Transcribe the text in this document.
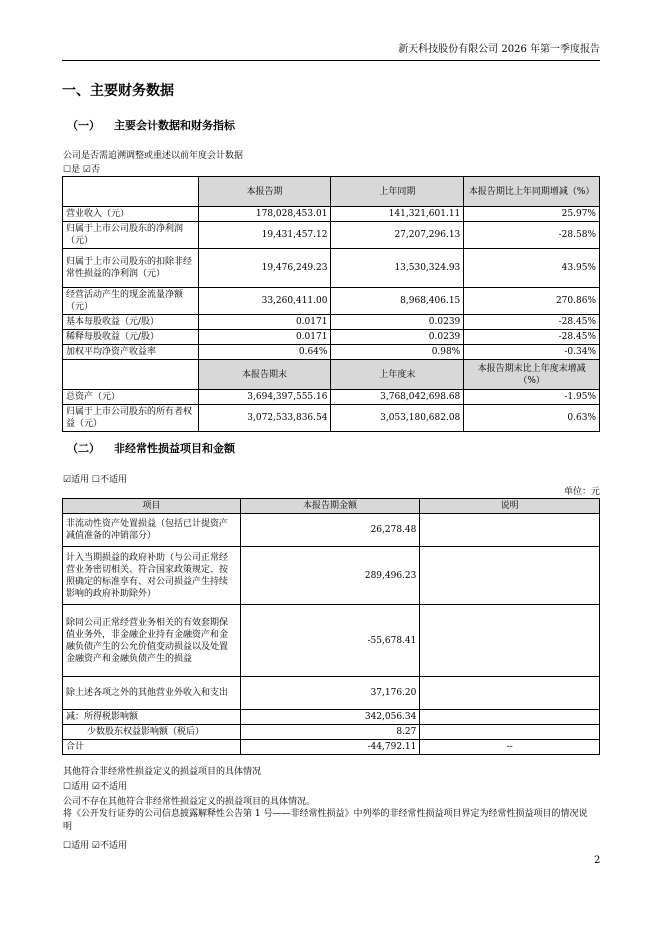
新天科技股份有限公司 2026 年第一季度报告
一、主要财务数据
（一） 主要会计数据和财务指标
公司是否需追溯调整或重述以前年度会计数据
☐是 ☑否
	本报告期	上年同期	本报告期比上年同期增减（%）
营业收入（元）	178,028,453.01	141,321,601.11	25.97%
归属于上市公司股东的净利润（元）	19,431,457.12	27,207,296.13	-28.58%
归属于上市公司股东的扣除非经常性损益的净利润（元）	19,476,249.23	13,530,324.93	43.95%
经营活动产生的现金流量净额（元）	33,260,411.00	8,968,406.15	270.86%
基本每股收益（元/股）	0.0171	0.0239	-28.45%
稀释每股收益（元/股）	0.0171	0.0239	-28.45%
加权平均净资产收益率	0.64%	0.98%	-0.34%
	本报告期末	上年度末	本报告期末比上年度末增减（%）
总资产（元）	3,694,397,555.16	3,768,042,698.68	-1.95%
归属于上市公司股东的所有者权益（元）	3,072,533,836.54	3,053,180,682.08	0.63%
（二） 非经常性损益项目和金额
☑适用 ☐不适用
单位：元
项目	本报告期金额	说明
非流动性资产处置损益（包括已计提资产减值准备的冲销部分）	26,278.48	
计入当期损益的政府补助（与公司正常经营业务密切相关、符合国家政策规定、按照确定的标准享有、对公司损益产生持续影响的政府补助除外）	289,496.23	
除同公司正常经营业务相关的有效套期保值业务外，非金融企业持有金融资产和金融负债产生的公允价值变动损益以及处置金融资产和金融负债产生的损益	-55,678.41	
除上述各项之外的其他营业外收入和支出	37,176.20	
减：所得税影响额	342,056.34	
少数股东权益影响额（税后）	8.27	
合计	-44,792.11	--
其他符合非经常性损益定义的损益项目的具体情况
☐适用 ☑不适用
公司不存在其他符合非经常性损益定义的损益项目的具体情况。
将《公开发行证券的公司信息披露解释性公告第 1 号——非经常性损益》中列举的非经常性损益项目界定为经常性损益项目的情况说明
☐适用 ☑不适用
2
